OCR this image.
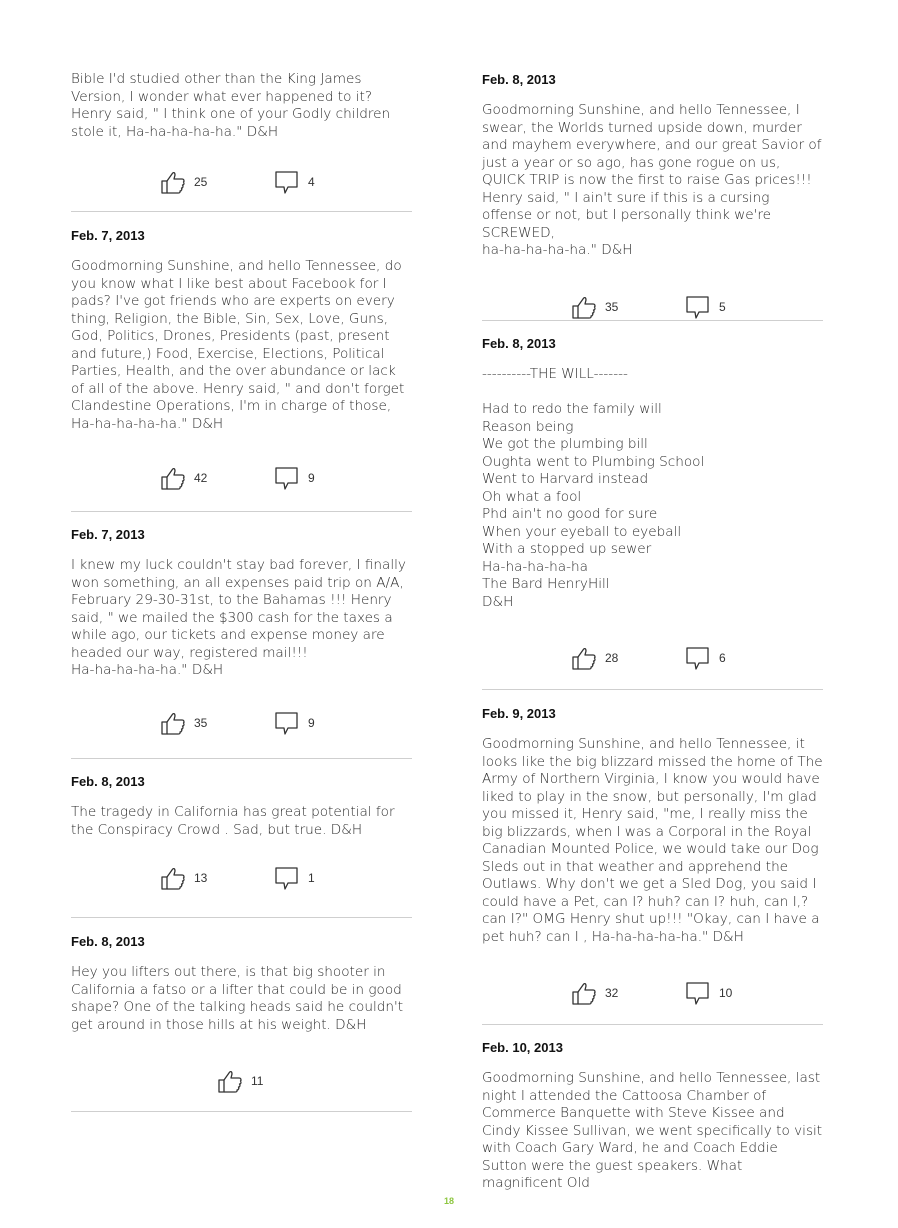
Bible I'd studied other than the King James Version, I wonder what ever happened to it? Henry said, " I think one of your Godly children stole it, Ha-ha-ha-ha-ha." D&H

25	4

Feb. 7, 2013

Goodmorning Sunshine, and hello Tennessee, do you know what I like best about Facebook for I pads? I've got friends who are experts on every thing, Religion, the Bible, Sin, Sex, Love, Guns, God, Politics, Drones, Presidents (past, present and future,) Food, Exercise, Elections, Political Parties, Health, and the over abundance or lack of all of the above. Henry said, " and don't forget Clandestine Operations, I'm in charge of those, Ha-ha-ha-ha-ha." D&H

42	9

Feb. 7, 2013

I knew my luck couldn't stay bad forever, I finally won something, an all expenses paid trip on A/A, February 29-30-31st, to the Bahamas !!! Henry said, " we mailed the $300 cash for the taxes a while ago, our tickets and expense money are headed our way, registered mail!!!
Ha-ha-ha-ha-ha." D&H

35	9

Feb. 8, 2013

The tragedy in California has great potential for the Conspiracy Crowd . Sad, but true. D&H

13	1

Feb. 8, 2013

Hey you lifters out there, is that big shooter in California a fatso or a lifter that could be in good shape? One of the talking heads said he couldn't get around in those hills at his weight. D&H

11

Feb. 8, 2013

Goodmorning Sunshine, and hello Tennessee, I swear, the Worlds turned upside down, murder and mayhem everywhere, and our great Savior of just a year or so ago, has gone rogue on us, QUICK TRIP is now the first to raise Gas prices!!! Henry said, " I ain't sure if this is a cursing offense or not, but I personally think we're SCREWED,
ha-ha-ha-ha-ha." D&H

35	5

Feb. 8, 2013

----------THE WILL-------

Had to redo the family will
Reason being
We got the plumbing bill
Oughta went to Plumbing School
Went to Harvard instead
Oh what a fool
Phd ain't no good for sure
When your eyeball to eyeball
With a stopped up sewer
Ha-ha-ha-ha-ha
The Bard HenryHill
D&H

28	6

Feb. 9, 2013

Goodmorning Sunshine, and hello Tennessee, it looks like the big blizzard missed the home of The Army of Northern Virginia, I know you would have liked to play in the snow, but personally, I'm glad you missed it, Henry said, "me, I really miss the big blizzards, when I was a Corporal in the Royal Canadian Mounted Police, we would take our Dog Sleds out in that weather and apprehend the Outlaws. Why don't we get a Sled Dog, you said I could have a Pet, can I? huh? can I? huh, can I,? can I?" OMG Henry shut up!!! "Okay, can I have a pet huh? can I , Ha-ha-ha-ha-ha." D&H

32	10

Feb. 10, 2013

Goodmorning Sunshine, and hello Tennessee, last night I attended the Cattoosa Chamber of Commerce Banquette with Steve Kissee and Cindy Kissee Sullivan, we went specifically to visit with Coach Gary Ward, he and Coach Eddie Sutton were the guest speakers. What magnificent Old

18
